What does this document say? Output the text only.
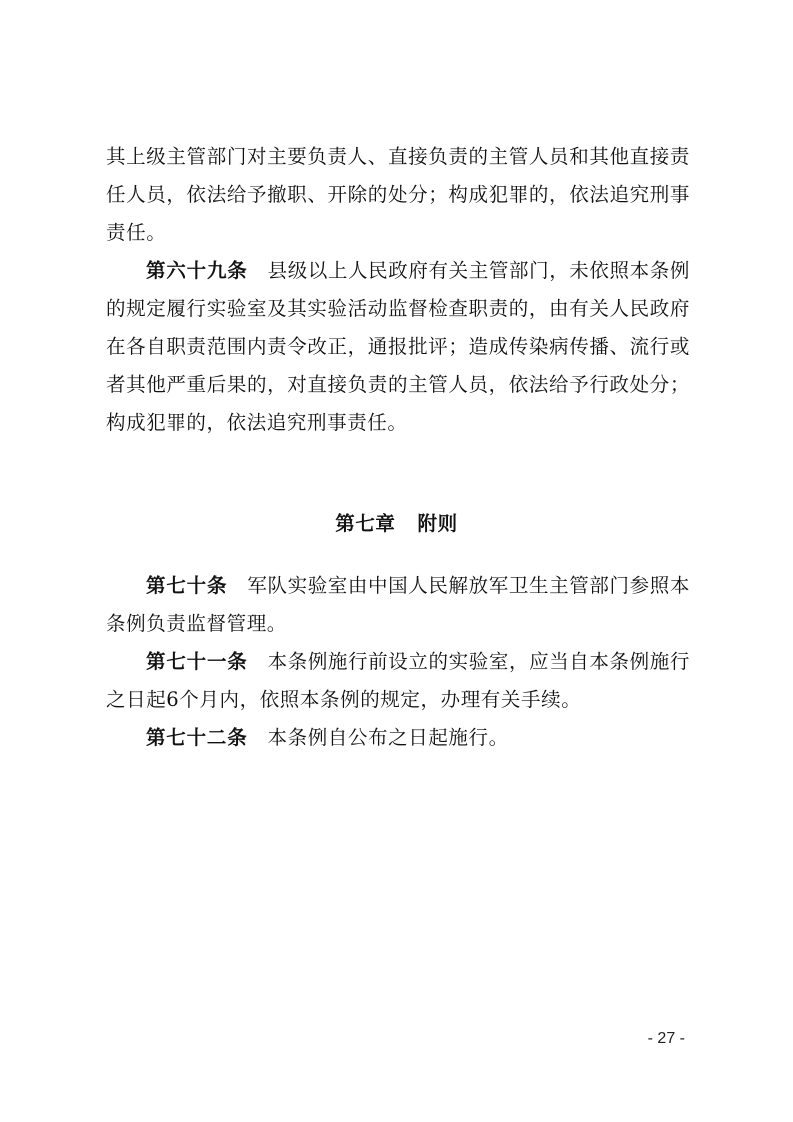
其上级主管部门对主要负责人、直接负责的主管人员和其他直接责任人员，依法给予撤职、开除的处分；构成犯罪的，依法追究刑事责任。

第六十九条 县级以上人民政府有关主管部门，未依照本条例的规定履行实验室及其实验活动监督检查职责的，由有关人民政府在各自职责范围内责令改正，通报批评；造成传染病传播、流行或者其他严重后果的，对直接负责的主管人员，依法给予行政处分；构成犯罪的，依法追究刑事责任。

第七章 附则

第七十条 军队实验室由中国人民解放军卫生主管部门参照本条例负责监督管理。

第七十一条 本条例施行前设立的实验室，应当自本条例施行之日起6个月内，依照本条例的规定，办理有关手续。

第七十二条 本条例自公布之日起施行。

- 27 -
